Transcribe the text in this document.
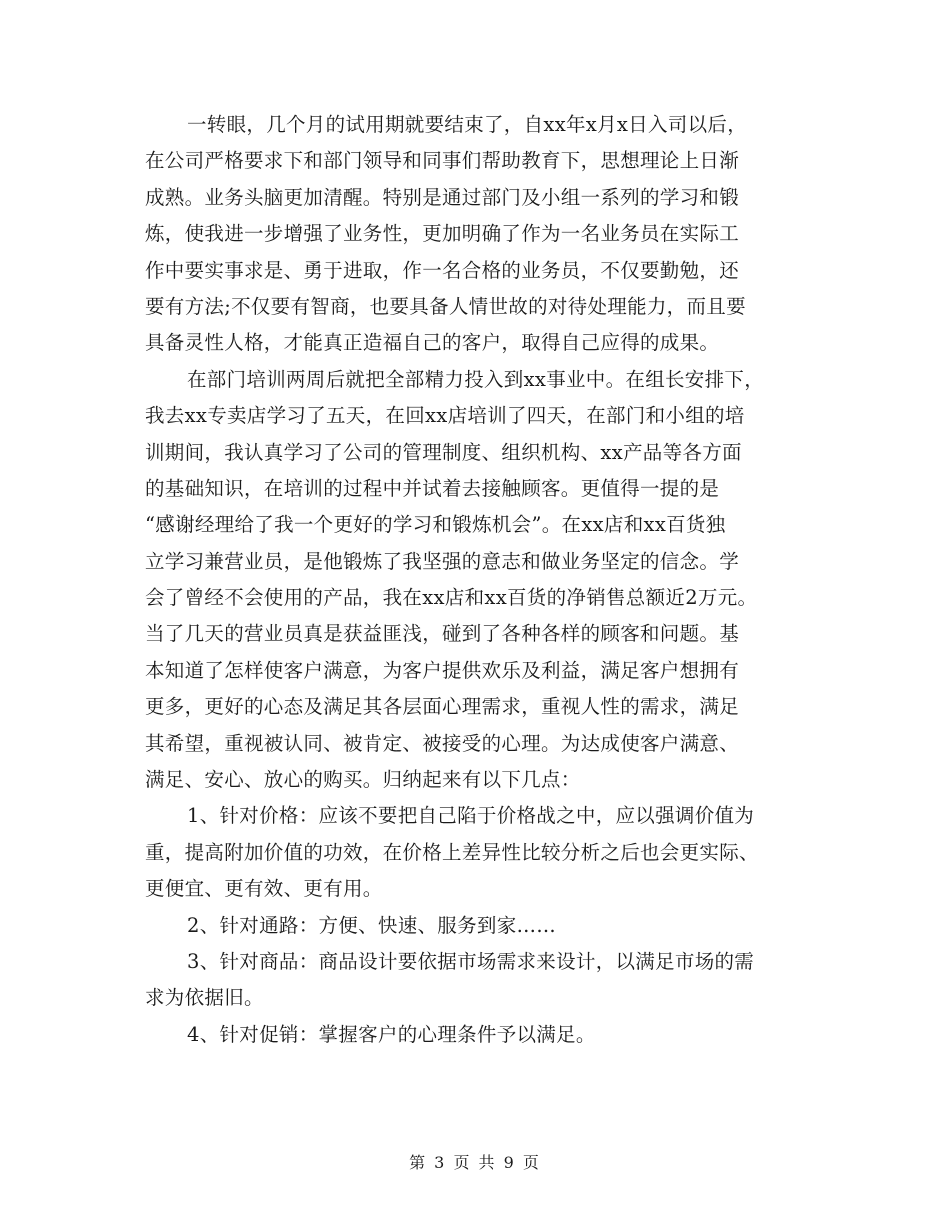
一转眼，几个月的试用期就要结束了，自xx年x月x日入司以后，
在公司严格要求下和部门领导和同事们帮助教育下，思想理论上日渐
成熟。业务头脑更加清醒。特别是通过部门及小组一系列的学习和锻
炼，使我进一步增强了业务性，更加明确了作为一名业务员在实际工
作中要实事求是、勇于进取，作一名合格的业务员，不仅要勤勉，还
要有方法;不仅要有智商，也要具备人情世故的对待处理能力，而且要
具备灵性人格，才能真正造福自己的客户，取得自己应得的成果。
在部门培训两周后就把全部精力投入到xx事业中。在组长安排下，
我去xx专卖店学习了五天，在回xx店培训了四天，在部门和小组的培
训期间，我认真学习了公司的管理制度、组织机构、xx产品等各方面
的基础知识，在培训的过程中并试着去接触顾客。更值得一提的是
“感谢经理给了我一个更好的学习和锻炼机会”。在xx店和xx百货独
立学习兼营业员，是他锻炼了我坚强的意志和做业务坚定的信念。学
会了曾经不会使用的产品，我在xx店和xx百货的净销售总额近2万元。
当了几天的营业员真是获益匪浅，碰到了各种各样的顾客和问题。基
本知道了怎样使客户满意，为客户提供欢乐及利益，满足客户想拥有
更多，更好的心态及满足其各层面心理需求，重视人性的需求，满足
其希望，重视被认同、被肯定、被接受的心理。为达成使客户满意、
满足、安心、放心的购买。归纳起来有以下几点：
1、针对价格：应该不要把自己陷于价格战之中，应以强调价值为
重，提高附加价值的功效，在价格上差异性比较分析之后也会更实际、
更便宜、更有效、更有用。
2、针对通路：方便、快速、服务到家……
3、针对商品：商品设计要依据市场需求来设计，以满足市场的需
求为依据旧。
4、针对促销：掌握客户的心理条件予以满足。
第 3 页 共 9 页
